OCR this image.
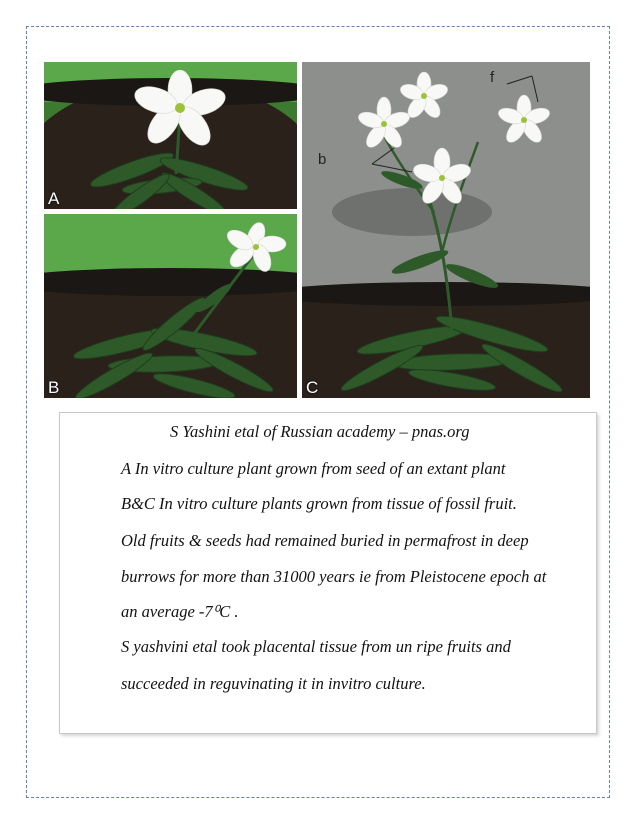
A
B	C
f
b
S Yashini etal of Russian academy – pnas.org
A In vitro culture plant grown from seed of an extant plant
B&C In vitro culture plants grown from tissue of fossil fruit.
Old fruits & seeds had remained buried in permafrost in deep
burrows for more than 31000 years ie from Pleistocene epoch at
an average -7⁰C .
S yashvini etal took placental tissue from un ripe fruits and
succeeded in reguvinating it in invitro culture.
